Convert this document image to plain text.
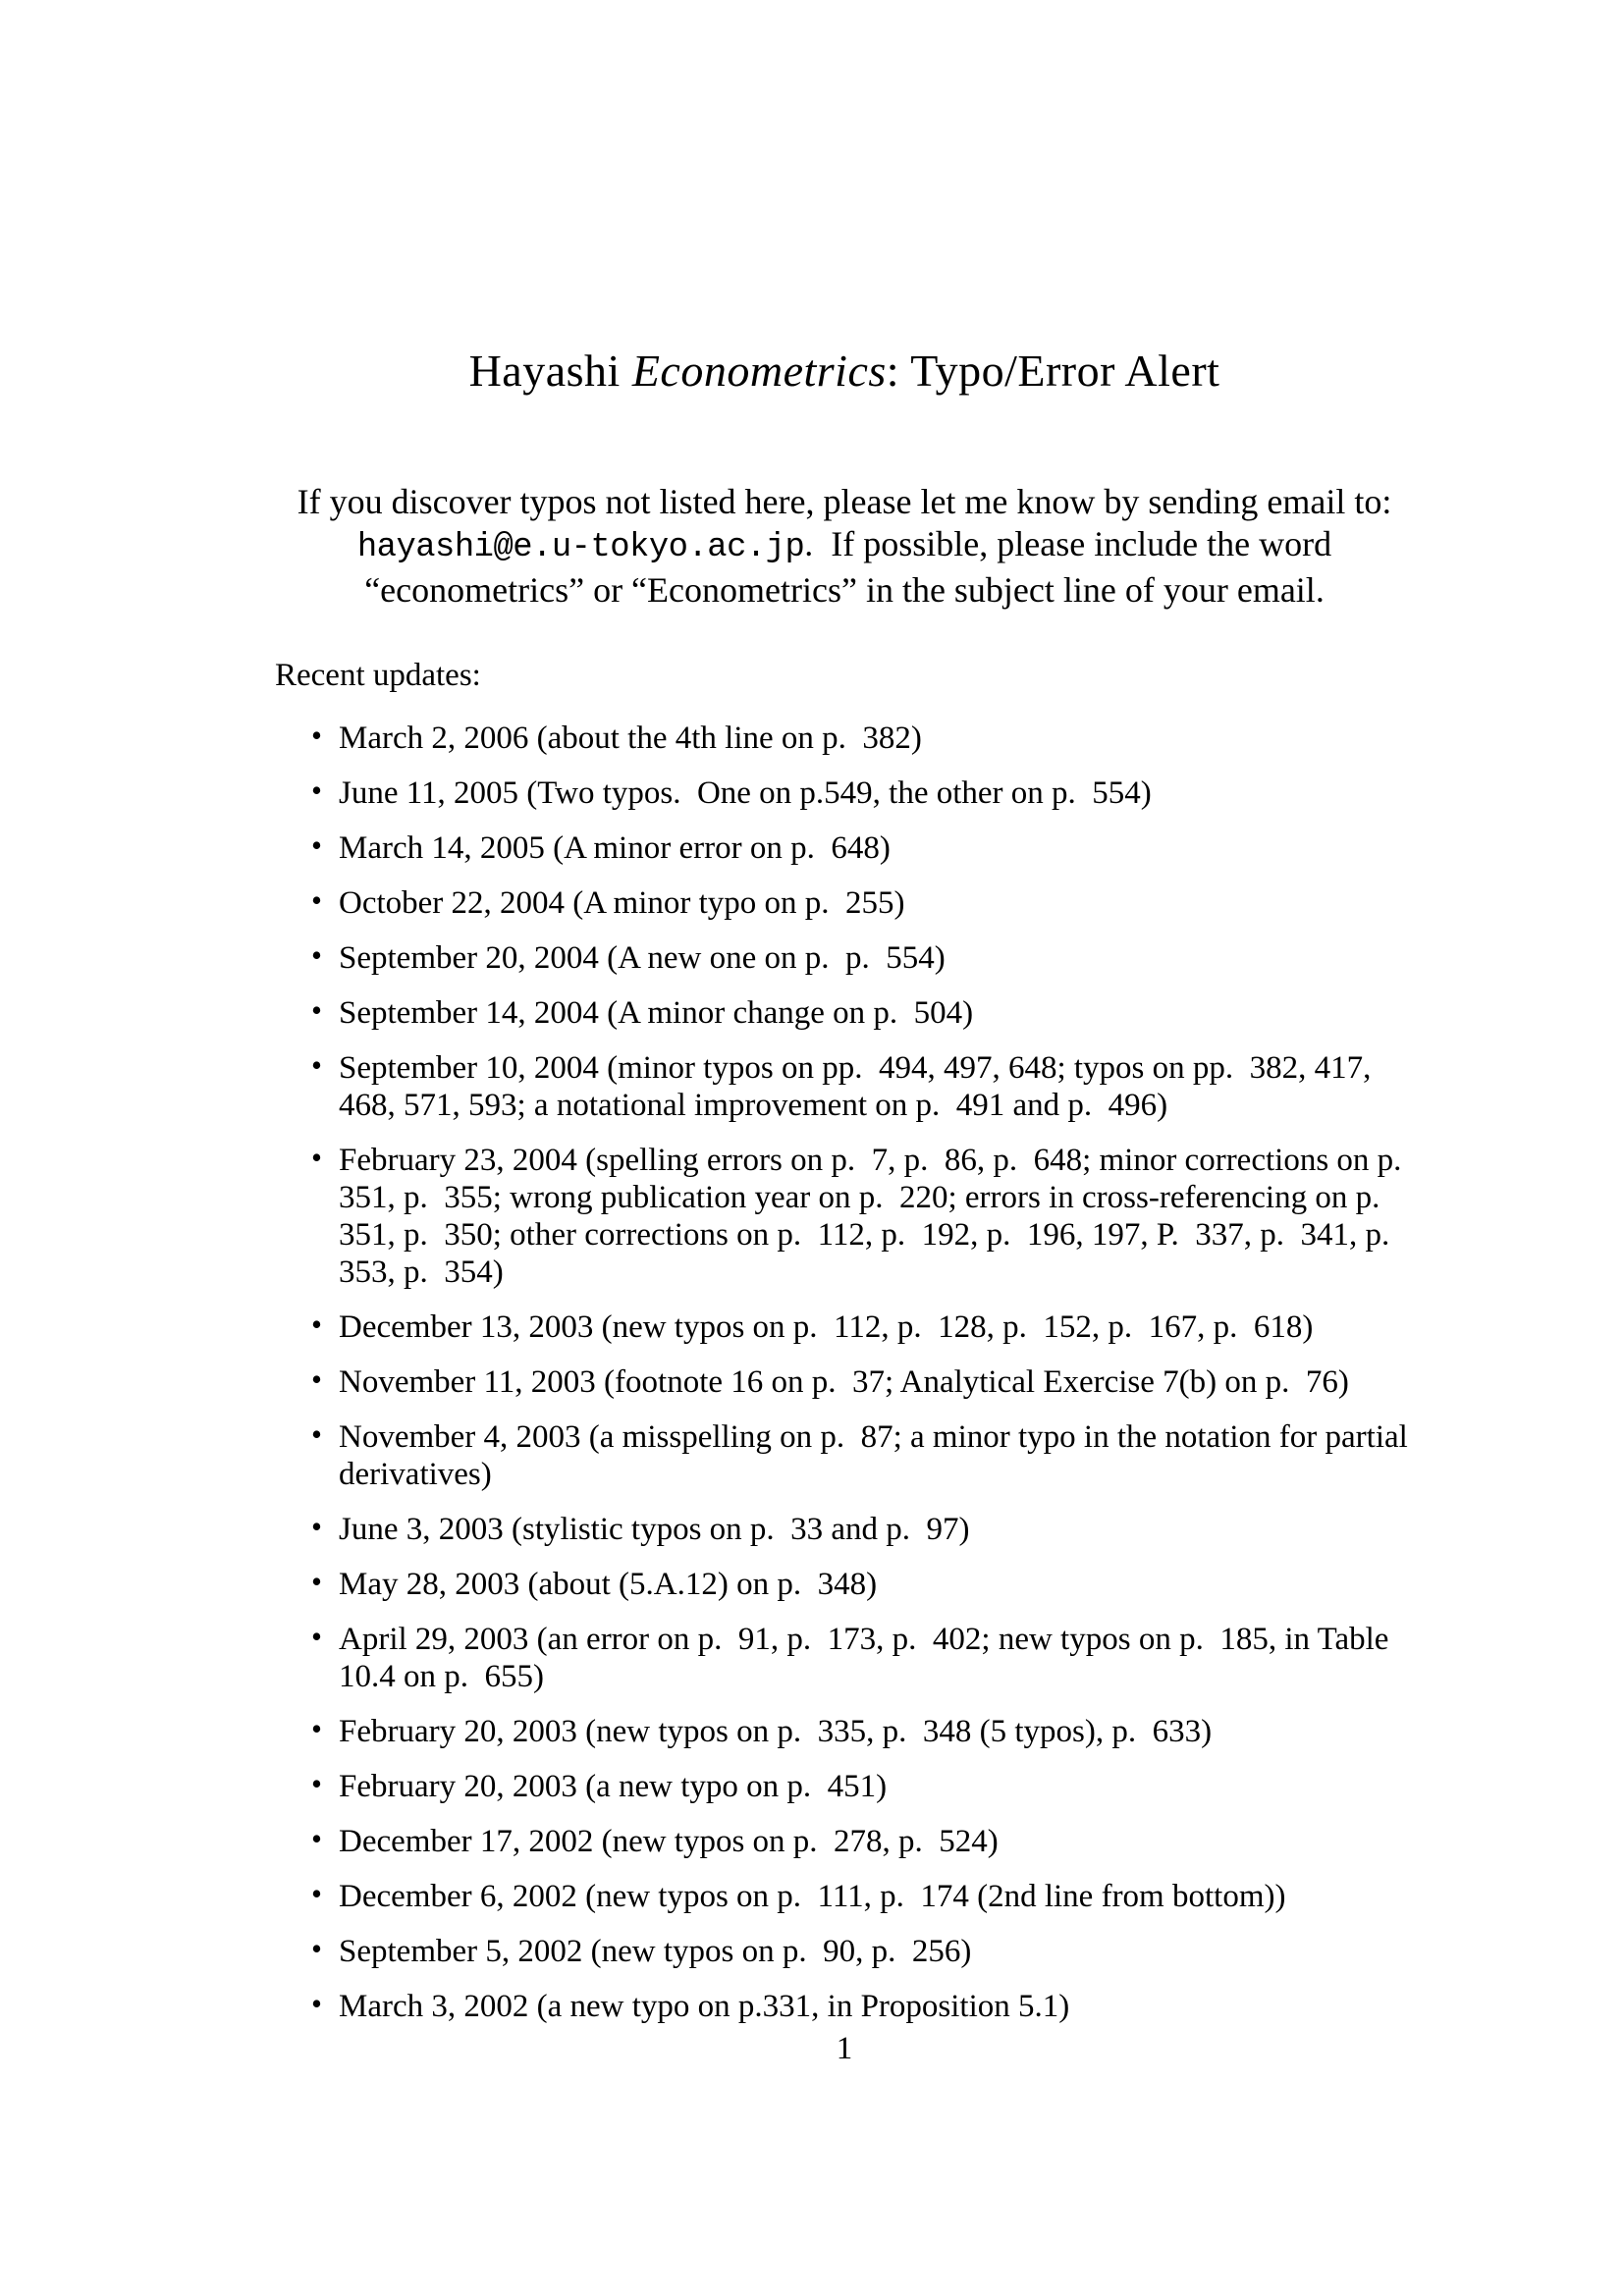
Hayashi Econometrics: Typo/Error Alert

If you discover typos not listed here, please let me know by sending email to: hayashi@e.u-tokyo.ac.jp.  If possible, please include the word “econometrics” or “Econometrics” in the subject line of your email.

Recent updates:

• March 2, 2006 (about the 4th line on p.  382)
• June 11, 2005 (Two typos.  One on p.549, the other on p.  554)
• March 14, 2005 (A minor error on p.  648)
• October 22, 2004 (A minor typo on p.  255)
• September 20, 2004 (A new one on p.  p.  554)
• September 14, 2004 (A minor change on p.  504)
• September 10, 2004 (minor typos on pp.  494, 497, 648; typos on pp.  382, 417, 468, 571, 593; a notational improvement on p.  491 and p.  496)
• February 23, 2004 (spelling errors on p.  7, p.  86, p.  648; minor corrections on p.  351, p.  355; wrong publication year on p.  220; errors in cross-referencing on p.  351, p.  350; other corrections on p.  112, p.  192, p.  196, 197, P.  337, p.  341, p.  353, p.  354)
• December 13, 2003 (new typos on p.  112, p.  128, p.  152, p.  167, p.  618)
• November 11, 2003 (footnote 16 on p.  37; Analytical Exercise 7(b) on p.  76)
• November 4, 2003 (a misspelling on p.  87; a minor typo in the notation for partial derivatives)
• June 3, 2003 (stylistic typos on p.  33 and p.  97)
• May 28, 2003 (about (5.A.12) on p.  348)
• April 29, 2003 (an error on p.  91, p.  173, p.  402; new typos on p.  185, in Table 10.4 on p.  655)
• February 20, 2003 (new typos on p.  335, p.  348 (5 typos), p.  633)
• February 20, 2003 (a new typo on p.  451)
• December 17, 2002 (new typos on p.  278, p.  524)
• December 6, 2002 (new typos on p.  111, p.  174 (2nd line from bottom))
• September 5, 2002 (new typos on p.  90, p.  256)
• March 3, 2002 (a new typo on p.331, in Proposition 5.1)
1
